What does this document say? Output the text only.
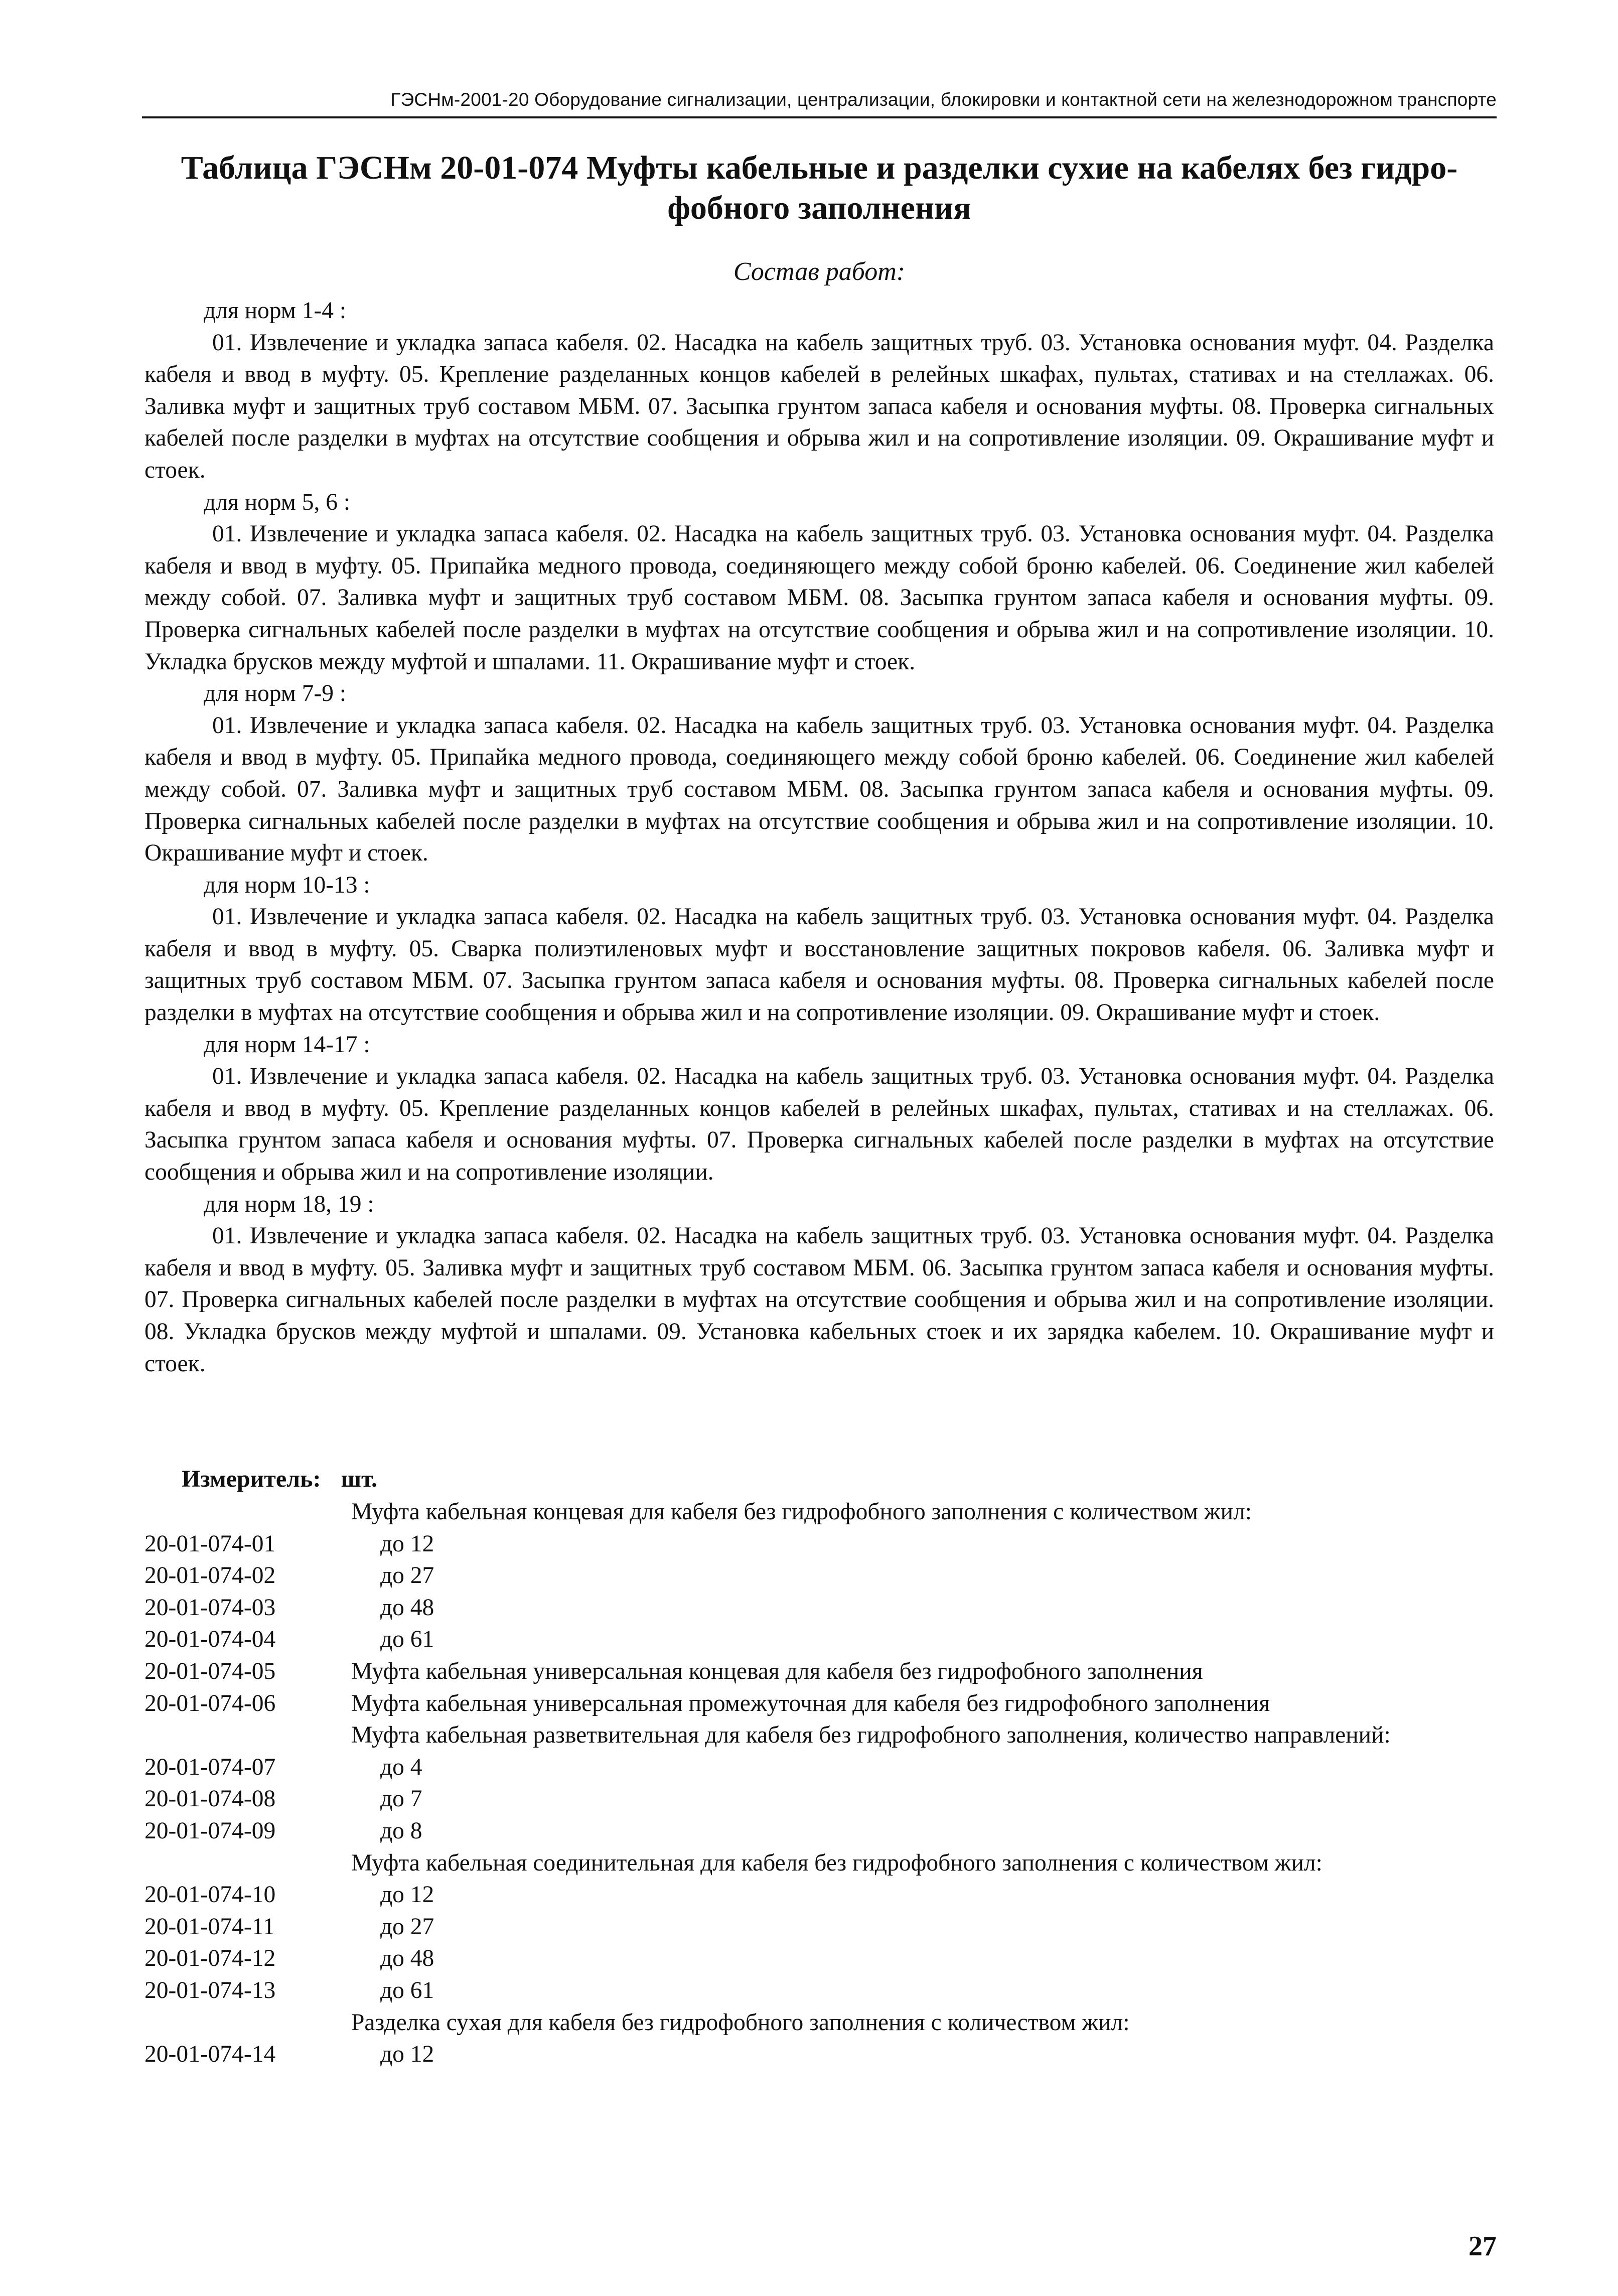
ГЭСНм-2001-20 Оборудование сигнализации, централизации, блокировки и контактной сети на железнодорожном транспорте
Таблица ГЭСНм 20-01-074 Муфты кабельные и разделки сухие на кабелях без гидро-
фобного заполнения
Состав работ:
для норм 1-4 :

01. Извлечение и укладка запаса кабеля. 02. Насадка на кабель защитных труб. 03. Установка основания муфт. 04. Разделка кабеля и ввод в муфту. 05. Крепление разделанных концов кабелей в релейных шкафах, пультах, стативах и на стеллажах. 06. Заливка муфт и защитных труб составом МБМ. 07. Засыпка грунтом запаса кабеля и основания муфты. 08. Проверка сигнальных кабелей после разделки в муфтах на отсутствие сообщения и обрыва жил и на сопротивление изоляции. 09. Окрашивание муфт и стоек.

для норм 5, 6 :

01. Извлечение и укладка запаса кабеля. 02. Насадка на кабель защитных труб. 03. Установка основания муфт. 04. Разделка кабеля и ввод в муфту. 05. Припайка медного провода, соединяющего между собой броню кабелей. 06. Соединение жил кабелей между собой. 07. Заливка муфт и защитных труб составом МБМ. 08. Засыпка грунтом запаса кабеля и основания муфты. 09. Проверка сигнальных кабелей после разделки в муфтах на отсутствие сообщения и обрыва жил и на сопротивление изоляции. 10. Укладка брусков между муфтой и шпалами. 11. Окрашивание муфт и стоек.

для норм 7-9 :

01. Извлечение и укладка запаса кабеля. 02. Насадка на кабель защитных труб. 03. Установка основания муфт. 04. Разделка кабеля и ввод в муфту. 05. Припайка медного провода, соединяющего между собой броню кабелей. 06. Соединение жил кабелей между собой. 07. Заливка муфт и защитных труб составом МБМ. 08. Засыпка грунтом запаса кабеля и основания муфты. 09. Проверка сигнальных кабелей после разделки в муфтах на отсутствие сообщения и обрыва жил и на сопротивление изоляции. 10. Окрашивание муфт и стоек.

для норм 10-13 :

01. Извлечение и укладка запаса кабеля. 02. Насадка на кабель защитных труб. 03. Установка основания муфт. 04. Разделка кабеля и ввод в муфту. 05. Сварка полиэтиленовых муфт и восстановление защитных покровов кабеля. 06. Заливка муфт и защитных труб составом МБМ. 07. Засыпка грунтом запаса кабеля и основания муфты. 08. Проверка сигнальных кабелей после разделки в муфтах на отсутствие сообщения и обрыва жил и на сопротивление изоляции. 09. Окрашивание муфт и стоек.

для норм 14-17 :

01. Извлечение и укладка запаса кабеля. 02. Насадка на кабель защитных труб. 03. Установка основания муфт. 04. Разделка кабеля и ввод в муфту. 05. Крепление разделанных концов кабелей в релейных шкафах, пультах, стативах и на стеллажах. 06. Засыпка грунтом запаса кабеля и основания муфты. 07. Проверка сигнальных кабелей после разделки в муфтах на отсутствие сообщения и обрыва жил и на сопротивление изоляции.

для норм 18, 19 :

01. Извлечение и укладка запаса кабеля. 02. Насадка на кабель защитных труб. 03. Установка основания муфт. 04. Разделка кабеля и ввод в муфту. 05. Заливка муфт и защитных труб составом МБМ. 06. Засыпка грунтом запаса кабеля и основания муфты. 07. Проверка сигнальных кабелей после разделки в муфтах на отсутствие сообщения и обрыва жил и на сопротивление изоляции. 08. Укладка брусков между муфтой и шпалами. 09. Установка кабельных стоек и их зарядка кабелем. 10. Окрашивание муфт и стоек.

Измеритель: шт.
Муфта кабельная концевая для кабеля без гидрофобного заполнения с количеством жил:
20-01-074-01	до 12
20-01-074-02	до 27
20-01-074-03	до 48
20-01-074-04	до 61
20-01-074-05	Муфта кабельная универсальная концевая для кабеля без гидрофобного заполнения
20-01-074-06	Муфта кабельная универсальная промежуточная для кабеля без гидрофобного заполнения
Муфта кабельная разветвительная для кабеля без гидрофобного заполнения, количество направлений:
20-01-074-07	до 4
20-01-074-08	до 7
20-01-074-09	до 8
Муфта кабельная соединительная для кабеля без гидрофобного заполнения с количеством жил:
20-01-074-10	до 12
20-01-074-11	до 27
20-01-074-12	до 48
20-01-074-13	до 61
Разделка сухая для кабеля без гидрофобного заполнения с количеством жил:
20-01-074-14	до 12
27
